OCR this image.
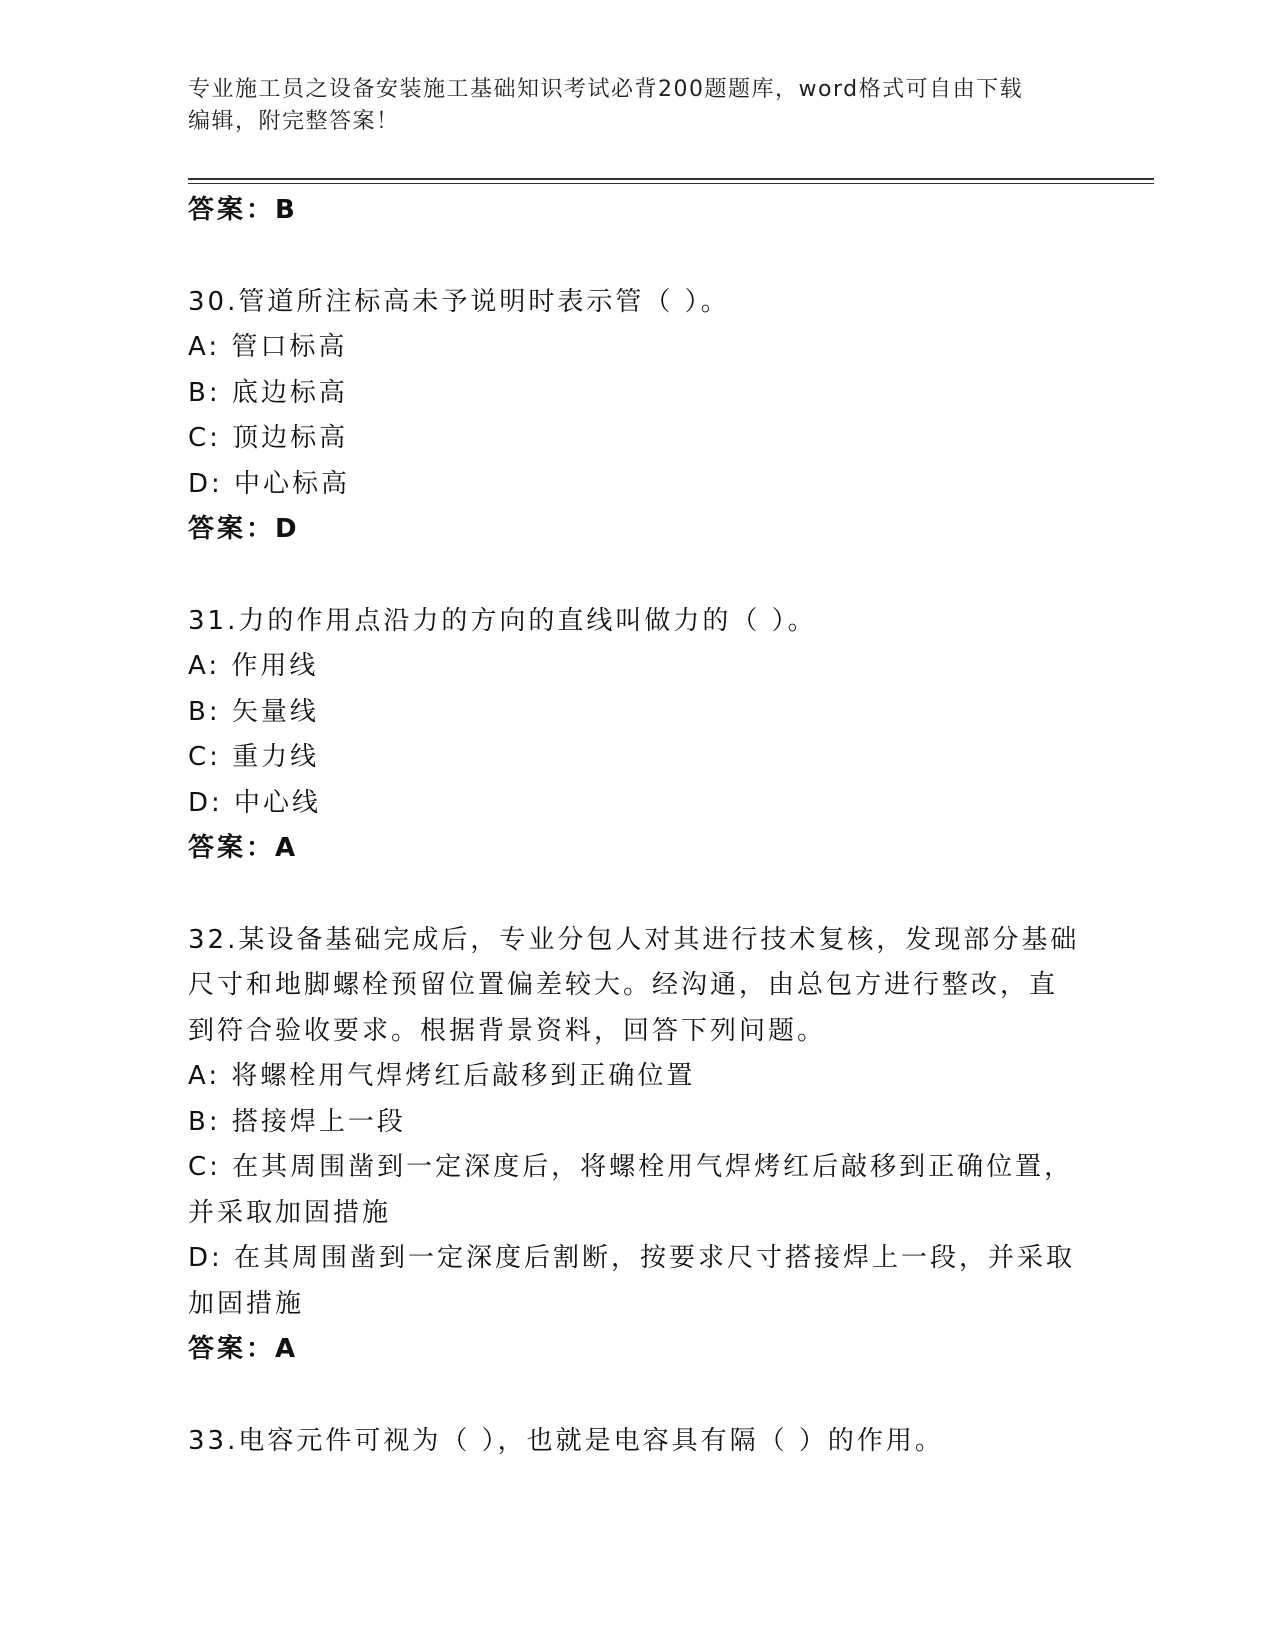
专业施工员之设备安装施工基础知识考试必背200题题库，word格式可自由下载
编辑，附完整答案！
答案：B
30.管道所注标高未予说明时表示管（ ）。
A: 管口标高
B: 底边标高
C: 顶边标高
D: 中心标高
答案：D
31.力的作用点沿力的方向的直线叫做力的（ ）。
A: 作用线
B: 矢量线
C: 重力线
D: 中心线
答案：A
32.某设备基础完成后，专业分包人对其进行技术复核，发现部分基础
尺寸和地脚螺栓预留位置偏差较大。经沟通，由总包方进行整改，直
到符合验收要求。根据背景资料，回答下列问题。
A: 将螺栓用气焊烤红后敲移到正确位置
B: 搭接焊上一段
C: 在其周围凿到一定深度后，将螺栓用气焊烤红后敲移到正确位置，
并采取加固措施
D: 在其周围凿到一定深度后割断，按要求尺寸搭接焊上一段，并采取
加固措施
答案：A
33.电容元件可视为（ ），也就是电容具有隔（ ）的作用。
